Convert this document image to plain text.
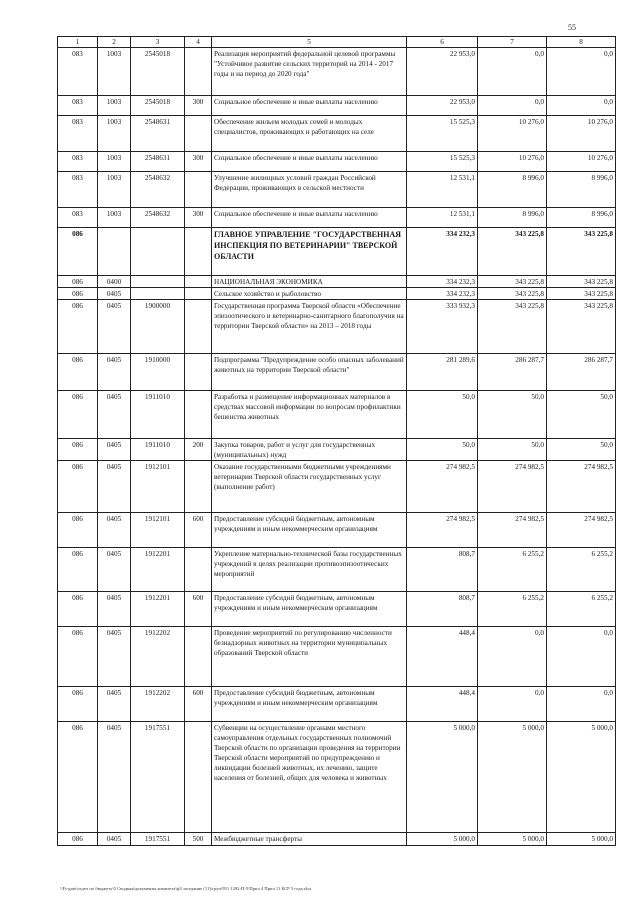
55
1	2	3	4	5	6	7	8
083	1003	2545018		Реализация мероприятий федеральной целевой программы "Устойчивое развитие сельских территорий на 2014 - 2017 годы и на период до 2020 года"	22 953,0	0,0	0,0
083	1003	2545018	300	Социальное обеспечение и иные выплаты населению	22 953,0	0,0	0,0
083	1003	2548631		Обеспечение жильем молодых семей и молодых специалистов, проживающих и работающих на селе	15 525,3	10 276,0	10 276,0
083	1003	2548631	300	Социальное обеспечение и иные выплаты населению	15 525,3	10 276,0	10 276,0
083	1003	2548632		Улучшение жилищных условий граждан Российской Федерации, проживающих в сельской местности	12 531,1	8 996,0	8 996,0
083	1003	2548632	300	Социальное обеспечение и иные выплаты населению	12 531,1	8 996,0	8 996,0
086				ГЛАВНОЕ УПРАВЛЕНИЕ "ГОСУДАРСТВЕННАЯ ИНСПЕКЦИЯ ПО ВЕТЕРИНАРИИ" ТВЕРСКОЙ ОБЛАСТИ	334 232,3	343 225,8	343 225,8
086	0400			НАЦИОНАЛЬНАЯ ЭКОНОМИКА	334 232,3	343 225,8	343 225,8
086	0405			Сельское хозяйство и рыболовство	334 232,3	343 225,8	343 225,8
086	0405	1900000		Государственная программа Тверской области «Обеспечение эпизоотического и ветеринарно-санитарного благополучия на территории Тверской области» на 2013 – 2018 годы	333 932,3	343 225,8	343 225,8
086	0405	1910000		Подпрограмма "Предупреждение особо опасных заболеваний животных на территории Тверской области"	281 289,6	286 287,7	286 287,7
086	0405	1911010		Разработка и размещение информационных материалов в средствах массовой информации по вопросам профилактики бешенства животных	50,0	50,0	50,0
086	0405	1911010	200	Закупка товаров, работ и услуг для государственных (муниципальных) нужд	50,0	50,0	50,0
086	0405	1912101		Оказание государственными бюджетными учреждениями ветеринарии Тверской области государственных услуг (выполнение работ)	274 982,5	274 982,5	274 982,5
086	0405	1912101	600	Предоставление субсидий бюджетным, автономным учреждениям и иным некоммерческим организациям	274 982,5	274 982,5	274 982,5
086	0405	1912201		Укрепление материально-технической базы государственных учреждений в целях реализации противоэпизоотических мероприятий	808,7	6 255,2	6 255,2
086	0405	1912201	600	Предоставление субсидий бюджетным, автономным учреждениям и иным некоммерческим организациям	808,7	6 255,2	6 255,2
086	0405	1912202		Проведение мероприятий по регулированию численности безнадзорных животных на территории муниципальных образований Тверской области	448,4	0,0	0,0
086	0405	1912202	600	Предоставление субсидий бюджетным, автономным учреждениям и иным некоммерческим организациям	448,4	0,0	0,0
086	0405	1917551		Субвенции на осуществление органами местного самоуправления отдельных государственных полномочий Тверской области по организации проведения на территории Тверской области мероприятий по предупреждению и ликвидации болезней животных, их лечению, защите населения от болезней, общих для человека и животных	5 000,0	5 000,0	5 000,0
086	0405	1917551	500	Межбюджетные трансферты	5 000,0	5 000,0	5 000,0
\\Fs-gate\отдел по бюджету\5 Сводная\документы комитета\ф3 заседание (11)\груп\951 1292-П-5\Прил 4 Прил 11 БСР 5 года.xlsx
